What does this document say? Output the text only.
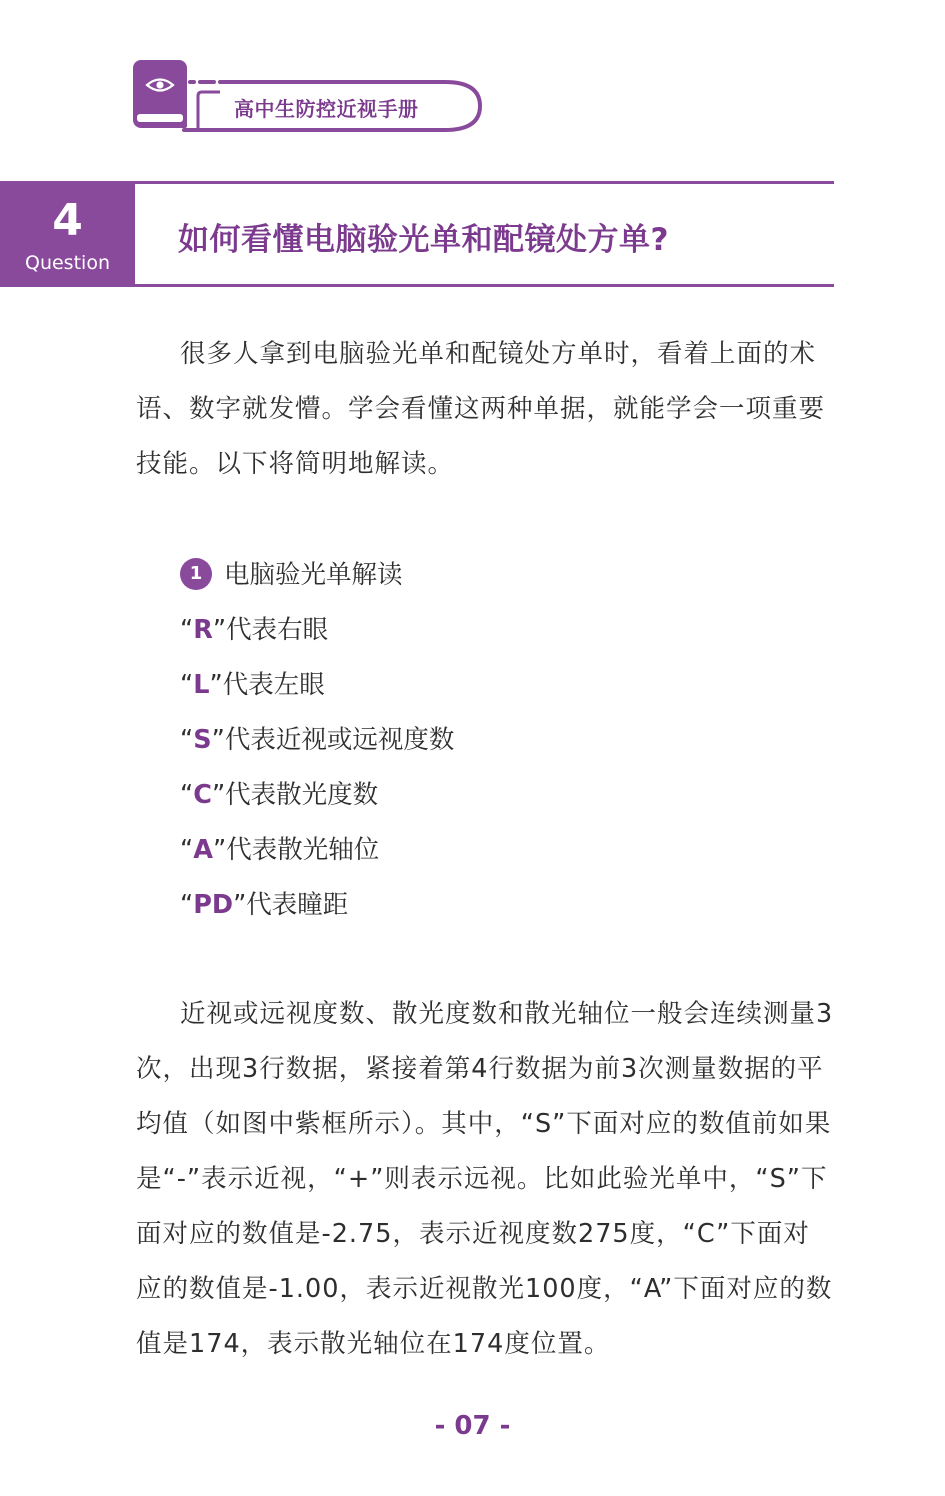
高中生防控近视手册
4
Question
如何看懂电脑验光单和配镜处方单?

很多人拿到电脑验光单和配镜处方单时，看着上面的术语、数字就发懵。学会看懂这两种单据，就能学会一项重要技能。以下将简明地解读。

1 电脑验光单解读
“R”代表右眼
“L”代表左眼
“S”代表近视或远视度数
“C”代表散光度数
“A”代表散光轴位
“PD”代表瞳距

近视或远视度数、散光度数和散光轴位一般会连续测量3次，出现3行数据，紧接着第4行数据为前3次测量数据的平均值（如图中紫框所示）。其中，“S”下面对应的数值前如果是“-”表示近视，“+”则表示远视。比如此验光单中，“S”下面对应的数值是-2.75，表示近视度数275度，“C”下面对应的数值是-1.00，表示近视散光100度，“A”下面对应的数值是174，表示散光轴位在174度位置。

- 07 -
